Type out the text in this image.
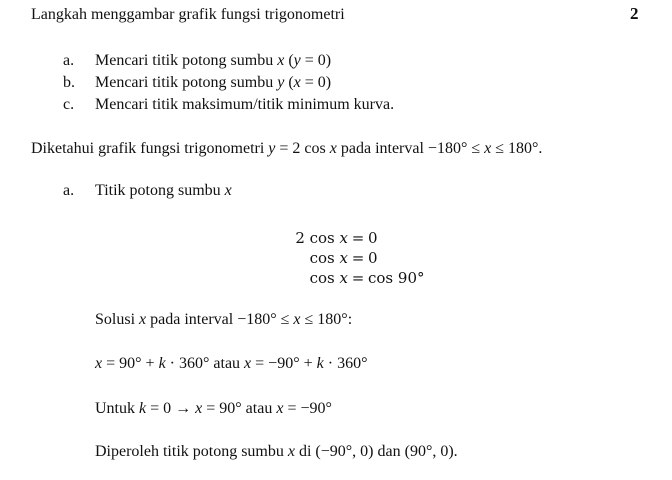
Langkah menggambar grafik fungsi trigonometri	2
a.	Mencari titik potong sumbu x (y = 0)
b.	Mencari titik potong sumbu y (x = 0)
c.	Mencari titik maksimum/titik minimum kurva.
Diketahui grafik fungsi trigonometri y = 2 cos x pada interval −180° ≤ x ≤ 180°.
a.	Titik potong sumbu x
2 cos x = 0
cos x = 0
cos x = cos 90°
Solusi x pada interval −180° ≤ x ≤ 180°:
x = 90° + k · 360° atau x = −90° + k · 360°
Untuk k = 0 → x = 90° atau x = −90°
Diperoleh titik potong sumbu x di (−90°, 0) dan (90°, 0).
